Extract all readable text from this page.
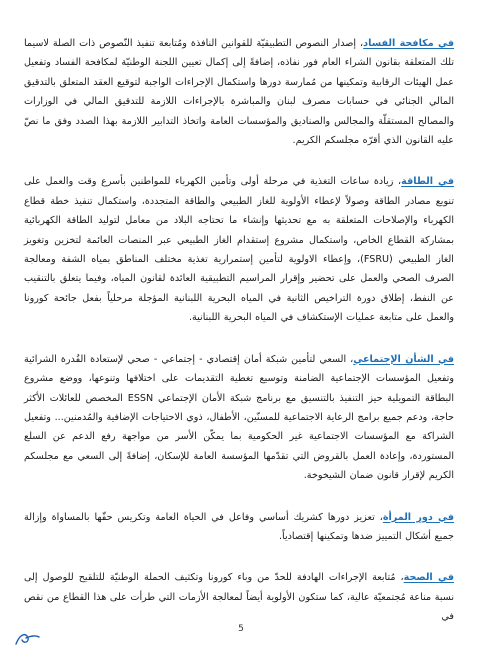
في مكافحة الفساد، إصدار النصوص التطبيقيّة للقوانين النافذة ومُتابعة تنفيذ النّصوص ذات الصلة لاسيما تلك المتعلقة بقانون الشراء العام فور نفاذه، إضافةً إلى إكمال تعيين اللجنة الوطنيّة لمكافحة الفساد وتفعيل عمل الهيئات الرقابية وتمكينها من مُمارسة دورها واستكمال الإجراءات الواجبة لتوقيع العقد المتعلق بالتدقيق المالي الجنائي في حسابات مصرف لبنان والمباشرة بالإجراءات اللازمة للتدقيق المالي في الوزارات والمصالح المستقلّة والمجالس والصناديق والمؤسسات العامة واتخاذ التدابير اللازمة بهذا الصدد وفق ما نصّ عليه القانون الذي أقرّه مجلسكم الكريم.

في الطاقة، زيادة ساعات التغذية في مرحلة أولى وتأمين الكهرباء للمواطنين بأسرع وقت والعمل على تنويع مصادر الطاقة وصولاً لإعطاء الأولوية للغاز الطبيعي والطاقة المتجددة، واستكمال تنفيذ خطة قطاع الكهرباء والإصلاحات المتعلقة به مع تحديثها وإنشاء ما تحتاجه البلاد من معامل لتوليد الطاقة الكهربائية بمشاركة القطاع الخاص، واستكمال مشروع إستقدام الغاز الطبيعي عبر المنصات العائمة لتخزين وتغويز الغاز الطبيعي (FSRU)، وإعطاء الاولوية لتأمين إستمرارية تغذية مختلف المناطق بمياه الشفة ومعالجة الصرف الصحي والعمل على تحضير وإقرار المراسيم التطبيقية العائدة لقانون المياه، وفيما يتعلق بالتنقيب عن النفط، إطلاق دورة التراخيص الثانية في المياه البحرية اللبنانية المؤجلة مرحلياً بفعل جائحة كورونا والعمل على متابعة عمليات الإستكشاف في المياه البحرية اللبنانية.

في الشأن الإجتماعي، السعي لتأمين شبكة أمان إقتصادي - إجتماعي - صحي لإستعادة القُدرة الشرائية وتفعيل المؤسسات الإجتماعية الضامنة وتوسيع تغطية التقديمات على اختلافها وتنوعها، ووضع مشروع البطاقة التمويلية حيز التنفيذ بالتنسيق مع برنامج شبكة الأمان الإجتماعي ESSN المخصص للعائلات الأكثر حاجة، ودعم جميع برامج الرعاية الاجتماعية للمسنّين، الأطفال، ذوي الاحتياجات الإضافية والمُدمنين... وتفعيل الشراكة مع المؤسسات الاجتماعية غير الحكومية بما يمكّن الأسر من مواجهة رفع الدعم عن السلع المستوردة، وإعادة العمل بالقروض التي تقدّمها المؤسسة العامة للإسكان، إضافةً إلى السعي مع مجلسكم الكريم لإقرار قانون ضمان الشيخوخة.

في دور المرأة، تعزيز دورها كشريك أساسي وفاعل في الحياة العامة وتكريس حقّها بالمساواة وإزالة جميع أشكال التمييز ضدها وتمكينها إقتصادياً.

في الصحة، مُتابعة الإجراءات الهادفة للحدّ من وباء كورونا وتكثيف الحملة الوطنيّة للتلقيح للوصول إلى نسبة مناعة مُجتمعيّة عالية، كما ستكون الأولوية أيضاً لمعالجة الأزمات التي طرأت على هذا القطاع من نقص في

5
